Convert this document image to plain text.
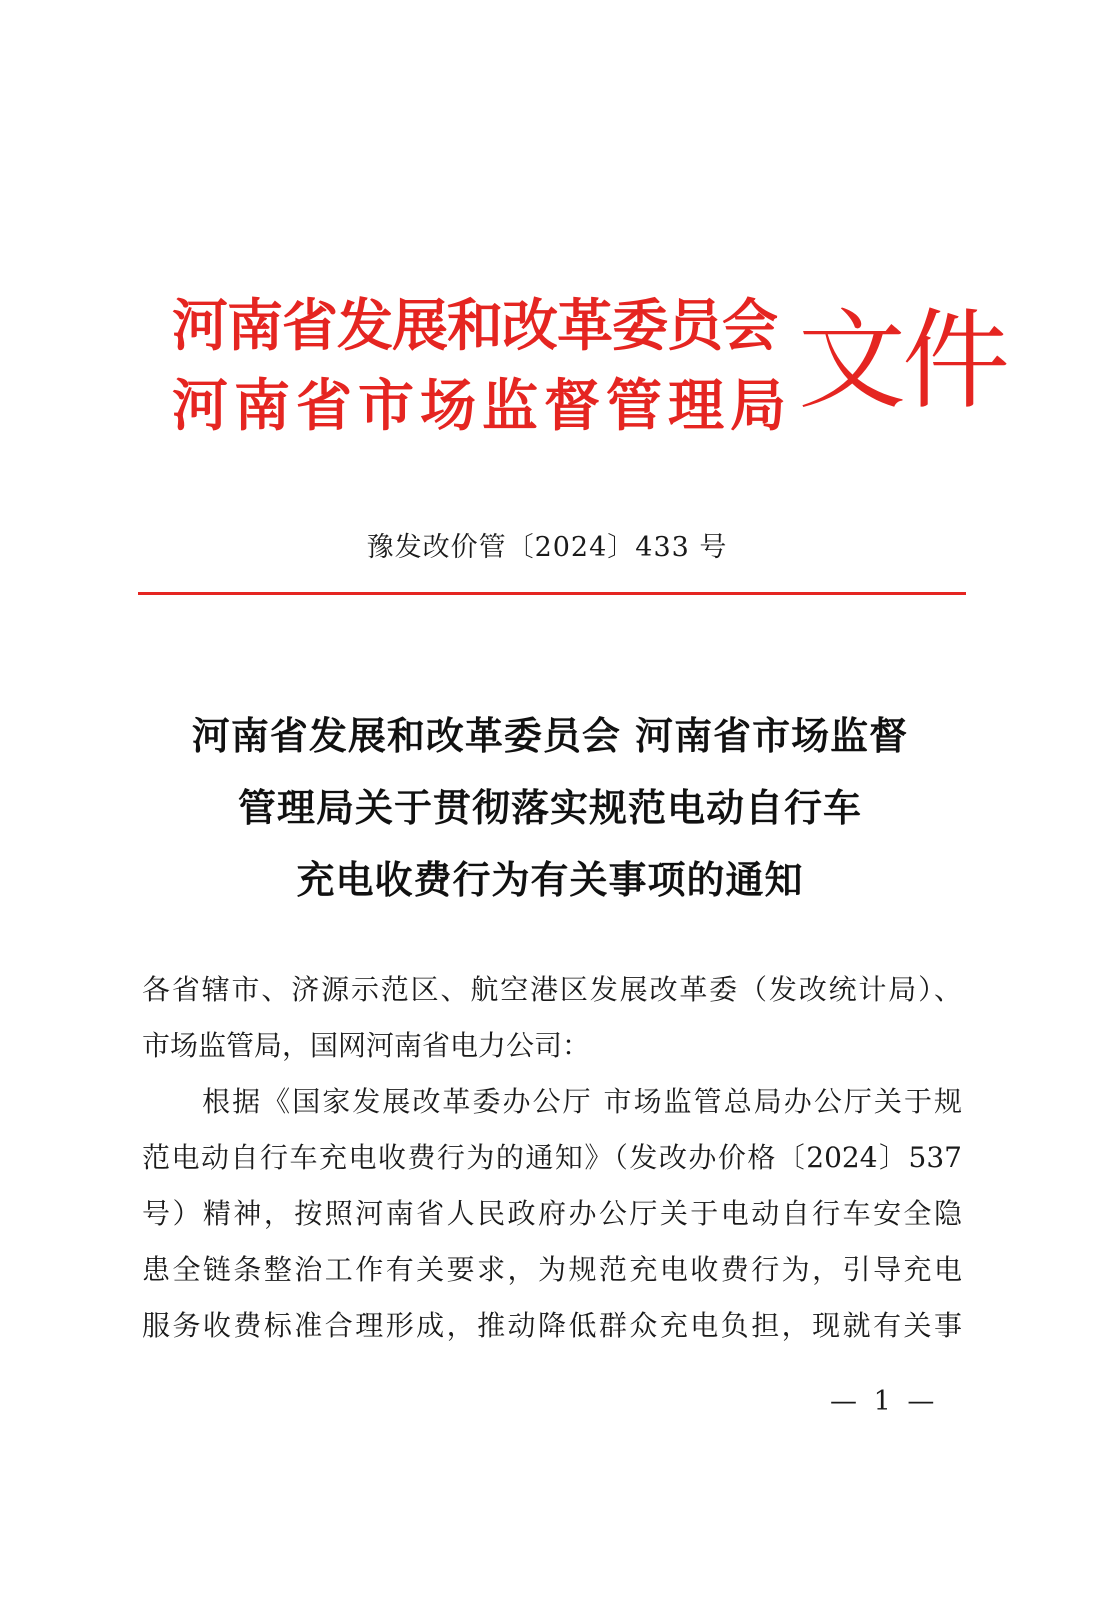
河南省发展和改革委员会
河南省市场监督管理局 文件
豫发改价管〔2024〕433 号
河南省发展和改革委员会 河南省市场监督
管理局关于贯彻落实规范电动自行车
充电收费行为有关事项的通知
各省辖市、济源示范区、航空港区发展改革委（发改统计局）、
市场监管局，国网河南省电力公司：
　　根据《国家发展改革委办公厅 市场监管总局办公厅关于规
范电动自行车充电收费行为的通知》（发改办价格〔2024〕537
号）精神，按照河南省人民政府办公厅关于电动自行车安全隐
患全链条整治工作有关要求，为规范充电收费行为，引导充电
服务收费标准合理形成，推动降低群众充电负担，现就有关事
— 1 —
